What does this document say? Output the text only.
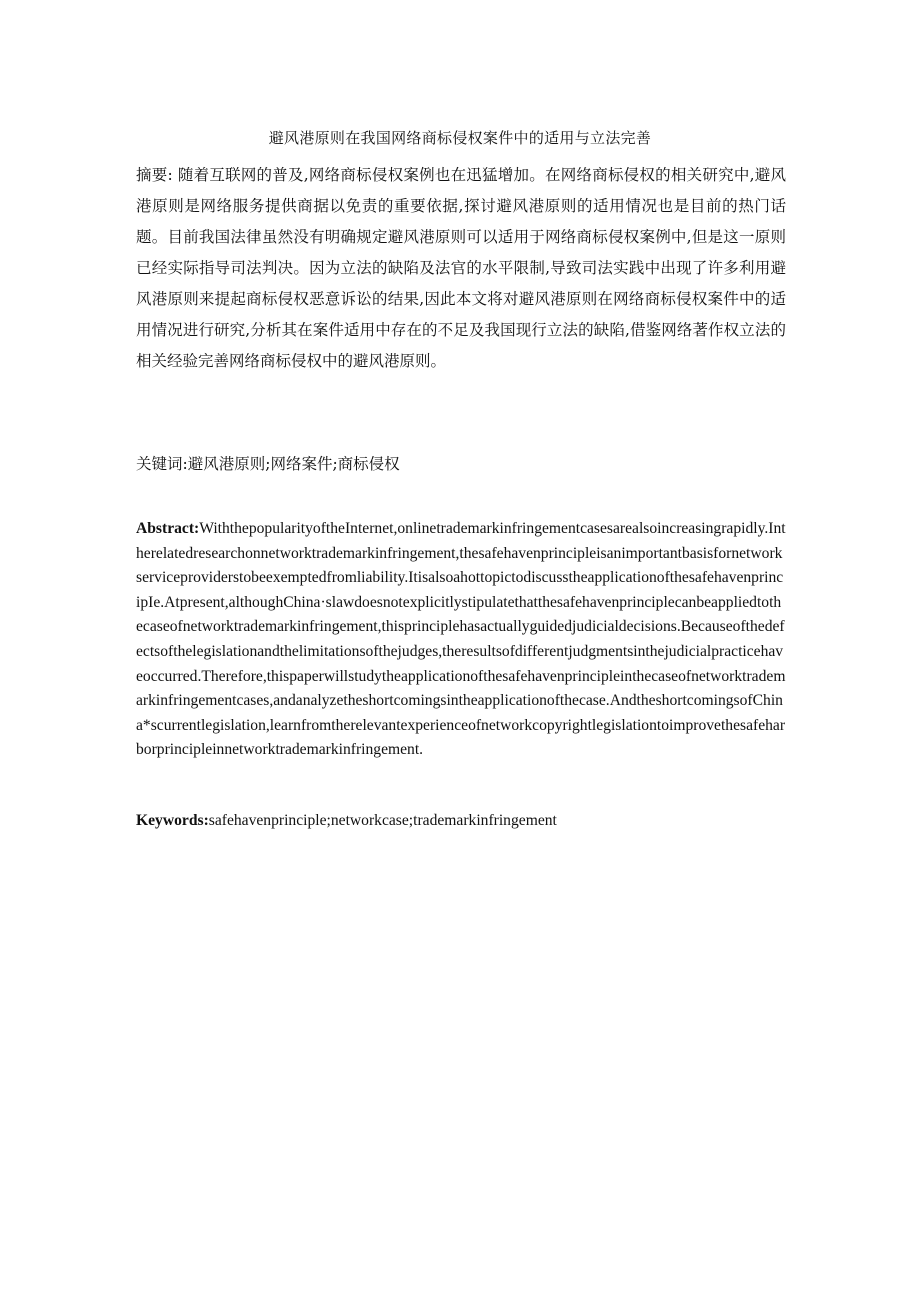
避风港原则在我国网络商标侵权案件中的适用与立法完善
摘要: 随着互联网的普及,网络商标侵权案例也在迅猛增加。在网络商标侵权的相关研究中,避风港原则是网络服务提供商据以免责的重要依据,探讨避风港原则的适用情况也是目前的热门话题。目前我国法律虽然没有明确规定避风港原则可以适用于网络商标侵权案例中,但是这一原则已经实际指导司法判决。因为立法的缺陷及法官的水平限制,导致司法实践中出现了许多利用避风港原则来提起商标侵权恶意诉讼的结果,因此本文将对避风港原则在网络商标侵权案件中的适用情况进行研究,分析其在案件适用中存在的不足及我国现行立法的缺陷,借鉴网络著作权立法的相关经验完善网络商标侵权中的避风港原则。
关键词:避风港原则;网络案件;商标侵权
Abstract:WiththepopularityoftheInternet,onlinetrademarkinfringementcasesarealsoincreasingrapidly.Intherelatedresearchonnetworktrademarkinfringement,thesafehavenprincipleisanimportantbasisfornetworkserviceproviderstobeexemptedfromliability.ItisalsoahottopictodiscusstheapplicationofthesafehavenprincipIe.Atpresent,althoughChina·slawdoesnotexplicitlystipulatethatthesafehavenprinciplecanbeappliedtothecaseofnetworktrademarkinfringement,thisprinciplehasactuallyguidedjudicialdecisions.Becauseofthedefectsofthelegislationandthelimitationsofthejudges,theresultsofdifferentjudgmentsinthejudicialpracticehaveoccurred.Therefore,thispaperwillstudytheapplicationofthesafehavenprincipleinthecaseofnetworktrademarkinfringementcases,andanalyzetheshortcomingsintheapplicationofthecase.AndtheshortcomingsofChina*scurrentlegislation,learnfromtherelevantexperienceofnetworkcopyrightlegislationtoimprovethesafeharborprincipleinnetworktrademarkinfringement.
Keywords:safehavenprinciple;networkcase;trademarkinfringement
